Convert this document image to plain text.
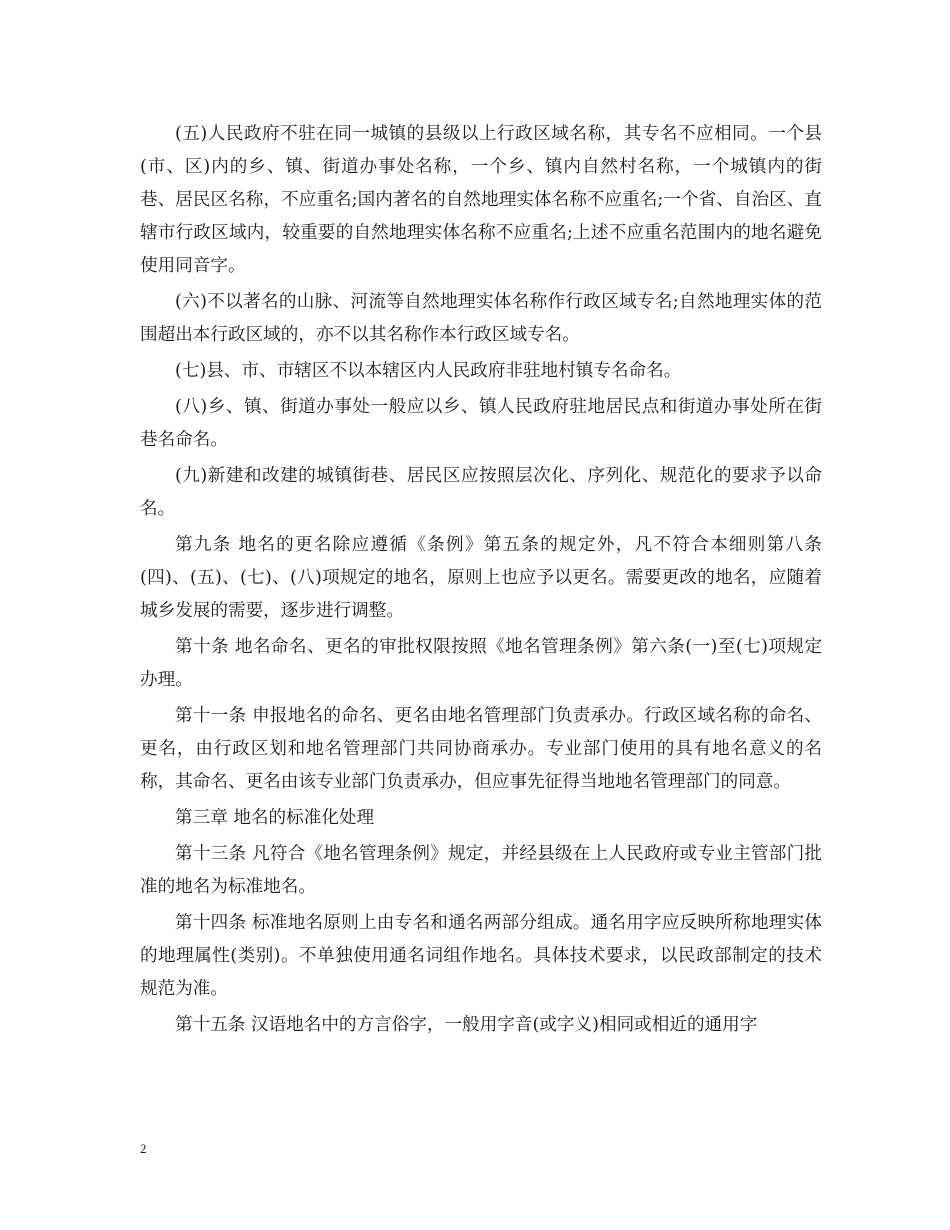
(五)人民政府不驻在同一城镇的县级以上行政区域名称，其专名不应相同。一个县(市、区)内的乡、镇、街道办事处名称，一个乡、镇内自然村名称，一个城镇内的街巷、居民区名称，不应重名;国内著名的自然地理实体名称不应重名;一个省、自治区、直辖市行政区域内，较重要的自然地理实体名称不应重名;上述不应重名范围内的地名避免使用同音字。

(六)不以著名的山脉、河流等自然地理实体名称作行政区域专名;自然地理实体的范围超出本行政区域的，亦不以其名称作本行政区域专名。

(七)县、市、市辖区不以本辖区内人民政府非驻地村镇专名命名。

(八)乡、镇、街道办事处一般应以乡、镇人民政府驻地居民点和街道办事处所在街巷名命名。

(九)新建和改建的城镇街巷、居民区应按照层次化、序列化、规范化的要求予以命名。

第九条 地名的更名除应遵循《条例》第五条的规定外，凡不符合本细则第八条(四)、(五)、(七)、(八)项规定的地名，原则上也应予以更名。需要更改的地名，应随着城乡发展的需要，逐步进行调整。

第十条 地名命名、更名的审批权限按照《地名管理条例》第六条(一)至(七)项规定办理。

第十一条 申报地名的命名、更名由地名管理部门负责承办。行政区域名称的命名、更名，由行政区划和地名管理部门共同协商承办。专业部门使用的具有地名意义的名称，其命名、更名由该专业部门负责承办，但应事先征得当地地名管理部门的同意。

第三章 地名的标准化处理

第十三条 凡符合《地名管理条例》规定，并经县级在上人民政府或专业主管部门批准的地名为标准地名。

第十四条 标准地名原则上由专名和通名两部分组成。通名用字应反映所称地理实体的地理属性(类别)。不单独使用通名词组作地名。具体技术要求，以民政部制定的技术规范为准。

第十五条 汉语地名中的方言俗字，一般用字音(或字义)相同或相近的通用字

2
